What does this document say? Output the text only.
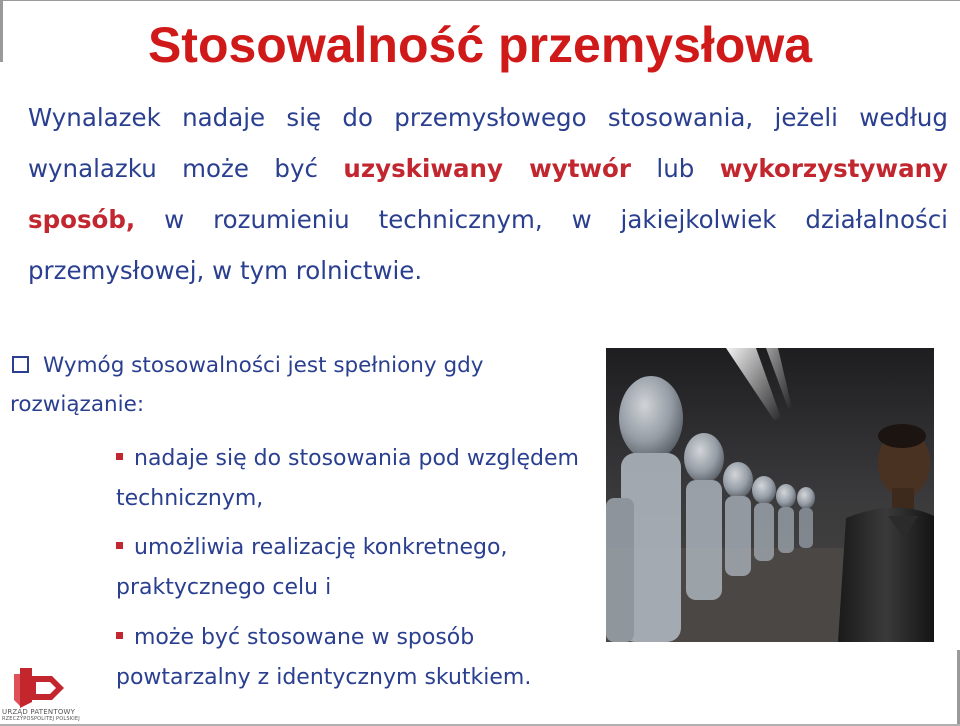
Stosowalność przemysłowa

Wynalazek nadaje się do przemysłowego stosowania, jeżeli według wynalazku może być uzyskiwany wytwór lub wykorzystywany sposób, w rozumieniu technicznym, w jakiejkolwiek działalności przemysłowej, w tym rolnictwie.

Wymóg stosowalności jest spełniony gdy rozwiązanie:

nadaje się do stosowania pod względem technicznym,

umożliwia realizację konkretnego, praktycznego celu i

może być stosowane w sposób powtarzalny z identycznym skutkiem.

URZĄD PATENTOWY
RZECZYPOSPOLITEJ POLSKIEJ
